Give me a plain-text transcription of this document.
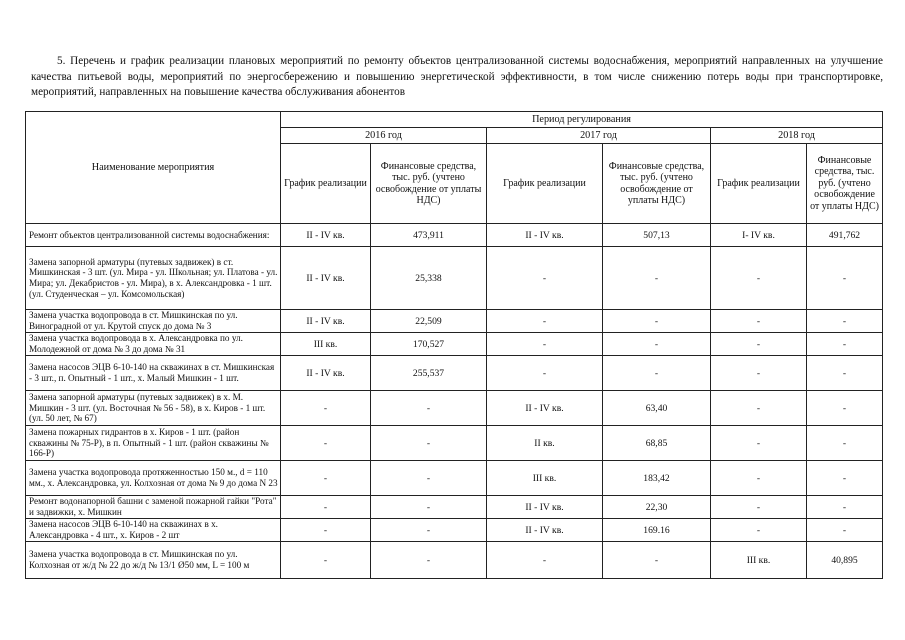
5. Перечень и график реализации плановых мероприятий по ремонту объектов централизованной системы водоснабжения, мероприятий направленных на улучшение качества питьевой воды, мероприятий по энергосбережению и повышению энергетической эффективности, в том числе снижению потерь воды при транспортировке, мероприятий, направленных на повышение качества обслуживания абонентов
Наименование мероприятия	Период регулирования					
	2016 год		2017 год		2018 год	
	График реализации	Финансовые средства, тыс. руб. (учтено освобождение от уплаты НДС)	График реализации	Финансовые средства, тыс. руб. (учтено освобождение от уплаты НДС)	График реализации	Финансовые средства, тыс. руб. (учтено освобождение от уплаты НДС)
Ремонт объектов централизованной системы водоснабжения:	II - IV кв.	473,911	II - IV кв.	507,13	I- IV кв.	491,762
Замена запорной арматуры (путевых задвижек) в ст. Мишкинская - 3 шт. (ул. Мира - ул. Школьная; ул. Платова - ул. Мира; ул. Декабристов - ул. Мира), в х. Александровка - 1 шт. (ул. Студенческая – ул. Комсомольская)	II - IV кв.	25,338	-	-	-	-
Замена участка водопровода в ст. Мишкинская по ул. Виноградной от ул. Крутой спуск до дома № 3	II - IV кв.	22,509	-	-	-	-
Замена участка водопровода в х. Александровка по ул. Молодежной от дома № 3 до дома № 31	III кв.	170,527	-	-	-	-
Замена насосов ЭЦВ 6-10-140 на скважинах в ст. Мишкинская - 3 шт., п. Опытный - 1 шт., х. Малый Мишкин - 1 шт.	II - IV кв.	255,537	-	-	-	-
Замена запорной арматуры (путевых задвижек) в х. М. Мишкин - 3 шт. (ул. Восточная № 56 - 58), в х. Киров - 1 шт. (ул. 50 лет, № 67)	-	-	II - IV кв.	63,40	-	-
Замена пожарных гидрантов в х. Киров - 1 шт. (район скважины № 75-Р), в п. Опытный - 1 шт. (район скважины № 166-Р)	-	-	II кв.	68,85	-	-
Замена участка водопровода протяженностью 150 м., d = 110 мм., х. Александровка, ул. Колхозная от дома № 9 до дома N 23	-	-	III кв.	183,42	-	-
Ремонт водонапорной башни с заменой пожарной гайки "Рота" и задвижки, х. Мишкин	-	-	II - IV кв.	22,30	-	-
Замена насосов ЭЦВ 6-10-140 на скважинах в х. Александровка - 4 шт., х. Киров - 2 шт	-	-	II - IV кв.	169.16	-	-
Замена участка водопровода в ст. Мишкинская по ул. Колхозная от ж/д № 22 до ж/д № 13/1 Ø50 мм, L = 100 м	-	-	-	-	III кв.	40,895
